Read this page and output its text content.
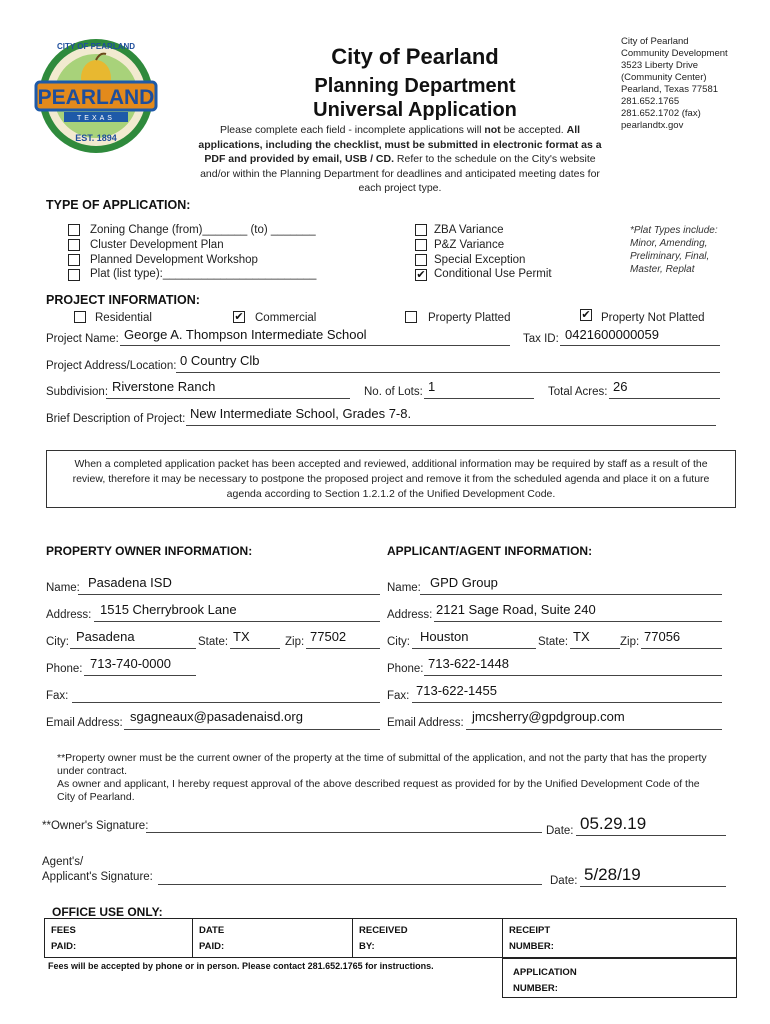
PEARLAND
TEXAS
EST. 1894
CITY OF PEARLAND	City of Pearland
Planning Department
Universal Application
City of Pearland
Community Development
3523 Liberty Drive
(Community Center)
Pearland, Texas 77581
281.652.1765
281.652.1702 (fax)
pearlandtx.gov
Please complete each field - incomplete applications will not be accepted. All applications, including the checklist, must be submitted in electronic format as a PDF and provided by email, USB / CD. Refer to the schedule on the City's website and/or within the Planning Department for deadlines and anticipated meeting dates for each project type.
TYPE OF APPLICATION:
Zoning Change (from)_______ (to) _______
Cluster Development Plan
Planned Development Workshop
Plat (list type):________________________
ZBA Variance
P&Z Variance
Special Exception
✔ Conditional Use Permit
*Plat Types include:
Minor, Amending,
Preliminary, Final,
Master, Replat
PROJECT INFORMATION:
Residential	✔ Commercial	Property Platted	✔ Property Not Platted
Project Name: George A. Thompson Intermediate School	Tax ID: 0421600000059
Project Address/Location: 0 Country Clb
Subdivision: Riverstone Ranch	No. of Lots: 1	Total Acres: 26
Brief Description of Project: New Intermediate School, Grades 7-8.
When a completed application packet has been accepted and reviewed, additional information may be required by staff as a result of the review, therefore it may be necessary to postpone the proposed project and remove it from the scheduled agenda and place it on a future agenda according to Section 1.2.1.2 of the Unified Development Code.
PROPERTY OWNER INFORMATION:	APPLICANT/AGENT INFORMATION:
Name: Pasadena ISD
Address: 1515 Cherrybrook Lane
City: Pasadena	State: TX	Zip: 77502
Phone: 713-740-0000
Fax:
Email Address: sgagneaux@pasadenaisd.org
Name: GPD Group
Address: 2121 Sage Road, Suite 240
City: Houston	State: TX	Zip: 77056
Phone: 713-622-1448
Fax: 713-622-1455
Email Address: jmcsherry@gpdgroup.com
**Property owner must be the current owner of the property at the time of submittal of the application, and not the party that has the property under contract.
As owner and applicant, I hereby request approval of the above described request as provided for by the Unified Development Code of the City of Pearland.
**Owner's Signature:	Date: 05.29.19
Agent's/
Applicant's Signature:	Date: 5/28/19
OFFICE USE ONLY:
FEES
PAID:
DATE
PAID:
RECEIVED
BY:
RECEIPT
NUMBER:
Fees will be accepted by phone or in person. Please contact 281.652.1765 for instructions.
APPLICATION
NUMBER:
